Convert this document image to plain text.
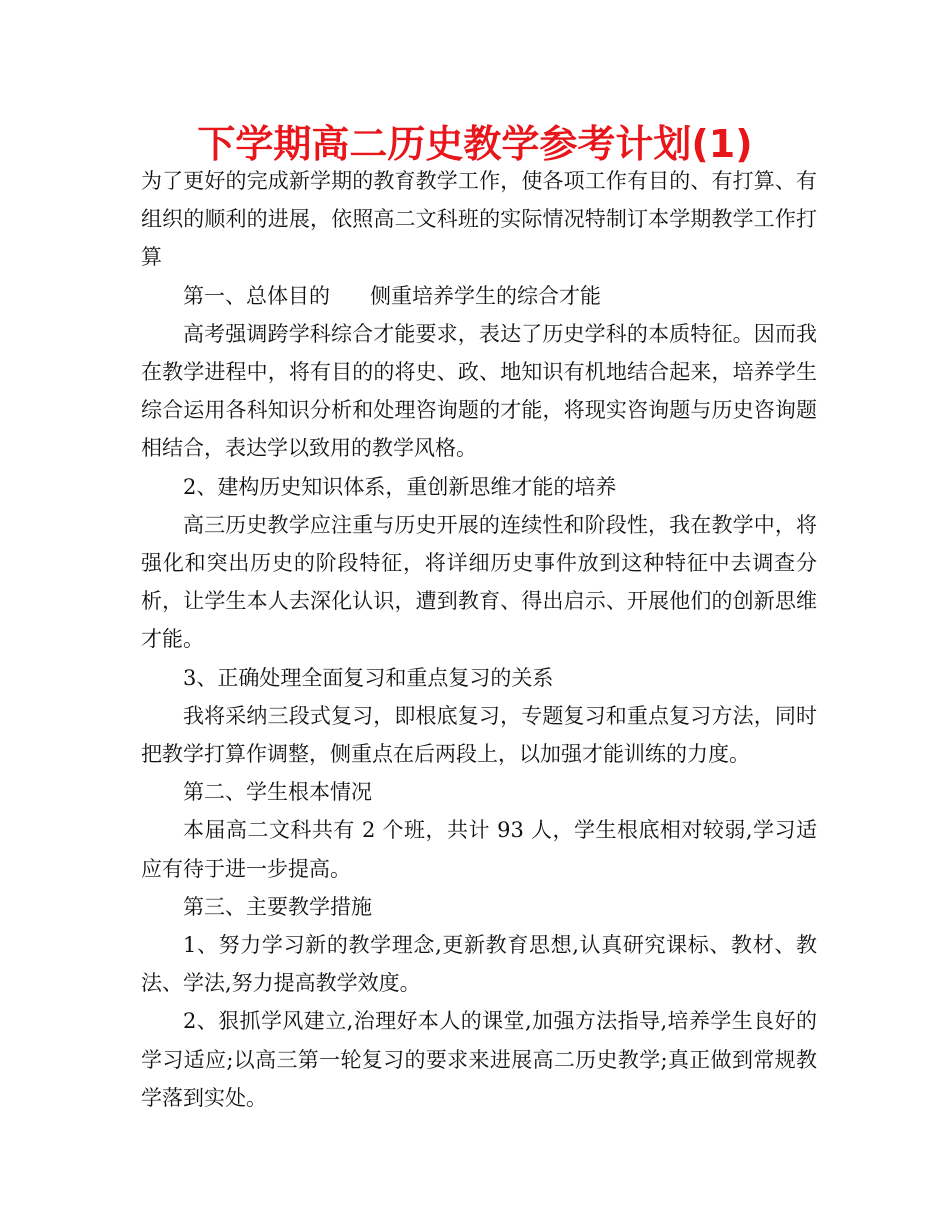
下学期高二历史教学参考计划(1)

为了更好的完成新学期的教育教学工作，使各项工作有目的、有打算、有组织的顺利的进展，依照高二文科班的实际情况特制订本学期教学工作打算

第一、总体目的 侧重培养学生的综合才能

高考强调跨学科综合才能要求，表达了历史学科的本质特征。因而我在教学进程中，将有目的的将史、政、地知识有机地结合起来，培养学生综合运用各科知识分析和处理咨询题的才能，将现实咨询题与历史咨询题相结合，表达学以致用的教学风格。

2、建构历史知识体系，重创新思维才能的培养

高三历史教学应注重与历史开展的连续性和阶段性，我在教学中，将强化和突出历史的阶段特征，将详细历史事件放到这种特征中去调查分析，让学生本人去深化认识，遭到教育、得出启示、开展他们的创新思维才能。

3、正确处理全面复习和重点复习的关系

我将采纳三段式复习，即根底复习，专题复习和重点复习方法，同时把教学打算作调整，侧重点在后两段上，以加强才能训练的力度。

第二、学生根本情况

本届高二文科共有 2 个班，共计 93 人，学生根底相对较弱,学习适应有待于进一步提高。

第三、主要教学措施

1、努力学习新的教学理念,更新教育思想,认真研究课标、教材、教法、学法,努力提高教学效度。

2、狠抓学风建立,治理好本人的课堂,加强方法指导,培养学生良好的学习适应;以高三第一轮复习的要求来进展高二历史教学;真正做到常规教学落到实处。
